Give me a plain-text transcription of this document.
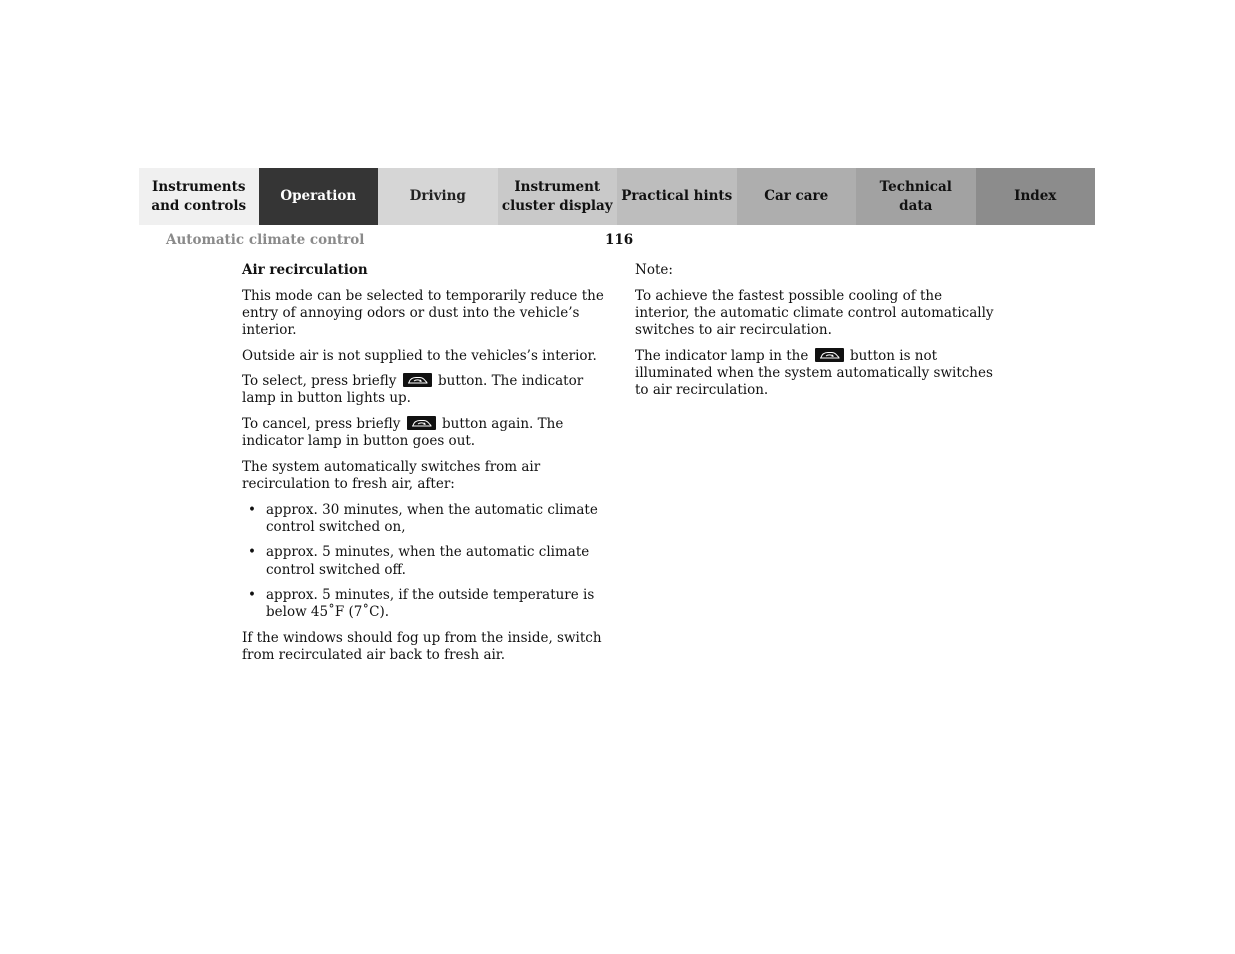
Instruments
and controls
Operation	Driving
Instrument
cluster display
Practical hints	Car care
Technical
data
Index
Automatic climate control	116

Air recirculation

This mode can be selected to temporarily reduce the entry of annoying odors or dust into the vehicle’s interior.

Outside air is not supplied to the vehicles’s interior.

To select, press briefly	button. The indicator lamp in button lights up.

To cancel, press briefly	button again. The indicator lamp in button goes out.

The system automatically switches from air recirculation to fresh air, after:

• approx. 30 minutes, when the automatic climate control switched on,
• approx. 5 minutes, when the automatic climate control switched off.
• approx. 5 minutes, if the outside temperature is below 45˚F (7˚C).

If the windows should fog up from the inside, switch from recirculated air back to fresh air.

Note:

To achieve the fastest possible cooling of the interior, the automatic climate control automatically switches to air recirculation.

The indicator lamp in the	button is not illuminated when the system automatically switches to air recirculation.
